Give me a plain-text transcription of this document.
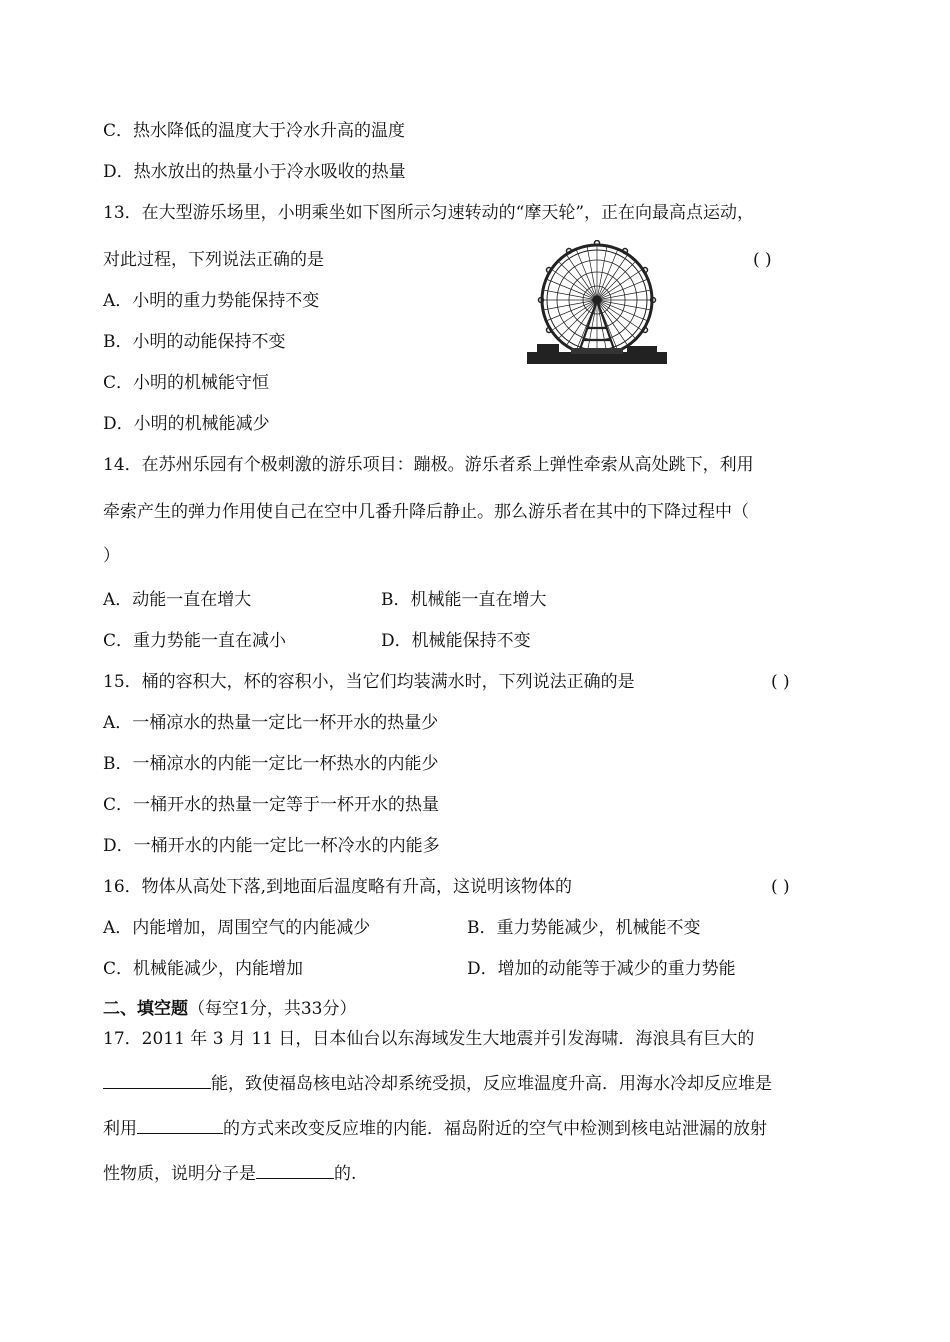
C．热水降低的温度大于冷水升高的温度
D．热水放出的热量小于冷水吸收的热量
13．在大型游乐场里，小明乘坐如下图所示匀速转动的“摩天轮”，正在向最高点运动，
对此过程，下列说法正确的是	( )
A．小明的重力势能保持不变
B．小明的动能保持不变
C．小明的机械能守恒
D．小明的机械能减少
14．在苏州乐园有个极刺激的游乐项目：蹦极。游乐者系上弹性牵索从高处跳下，利用
牵索产生的弹力作用使自己在空中几番升降后静止。那么游乐者在其中的下降过程中（
）
A．动能一直在增大	B．机械能一直在增大
C．重力势能一直在减小	D．机械能保持不变
15．桶的容积大，杯的容积小，当它们均装满水时，下列说法正确的是	( )
A．一桶凉水的热量一定比一杯开水的热量少
B．一桶凉水的内能一定比一杯热水的内能少
C．一桶开水的热量一定等于一杯开水的热量
D．一桶开水的内能一定比一杯冷水的内能多
16．物体从高处下落,到地面后温度略有升高，这说明该物体的	( )
A．内能增加，周围空气的内能减少	B．重力势能减少，机械能不变
C．机械能减少，内能增加	D．增加的动能等于减少的重力势能
二、填空题（每空1分，共33分）
17．2011 年 3 月 11 日，日本仙台以东海域发生大地震并引发海啸．海浪具有巨大的
能，致使福岛核电站冷却系统受损，反应堆温度升高．用海水冷却反应堆是
利用	的方式来改变反应堆的内能．福岛附近的空气中检测到核电站泄漏的放射
性物质，说明分子是	的.
